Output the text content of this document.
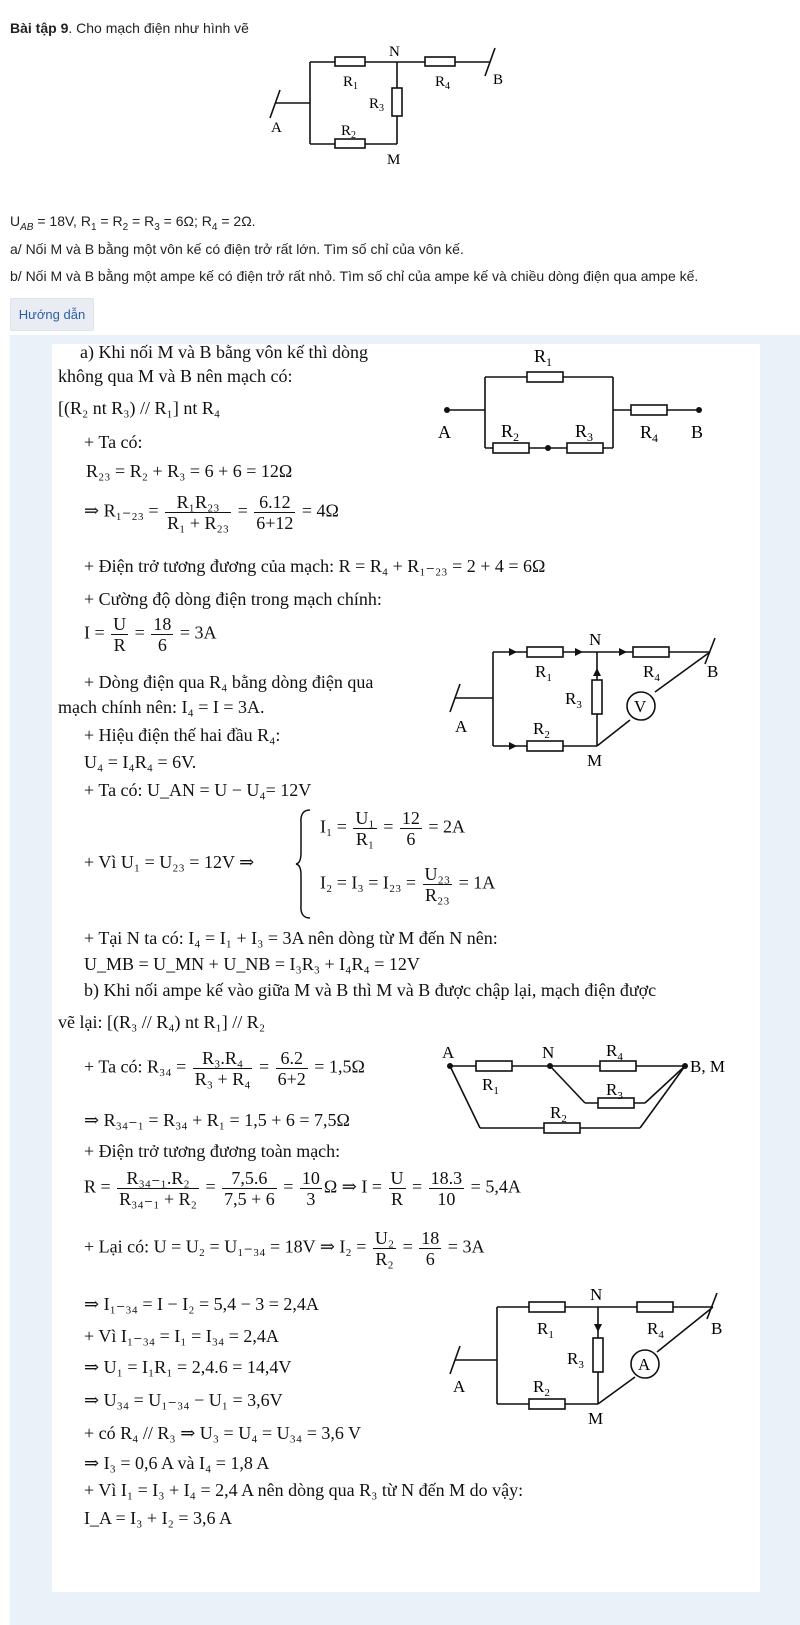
Bài tập 9. Cho mạch điện như hình vẽ
N
$R_1$	$R_4$	B
$R_3$
A	$R_2$
M
$U_{AB} = 18V$, $R_1 = R_2 = R_3 = 6\Omega$; $R_4 = 2\Omega$.
a/ Nối M và B bằng một vôn kế có điện trở rất lớn. Tìm số chỉ của vôn kế.
b/ Nối M và B bằng một ampe kế có điện trở rất nhỏ. Tìm số chỉ của ampe kế và chiều dòng điện qua ampe kế.
Hướng dẫn
a) Khi nối M và B bằng vôn kế thì dòng
không qua M và B nên mạch có:
[(R₂ nt R₃) // R₁] nt R₄
+ Ta có:
R₂₃ = R₂ + R₃ = 6 + 6 = 12Ω
⇒ $R_{1-23} = \frac{\text{R₁R₂₃}}{\text{R₁ + R₂₃}} = \frac{6.12}{6+12} = 4\Omega$
+ Điện trở tương đương của mạch: R = R₄ + R₁₋₂₃ = 2 + 4 = 6Ω
+ Cường độ dòng điện trong mạch chính:
$I = \frac{U}{R} = \frac{18}{6} = 3A$
+ Dòng điện qua R₄ bằng dòng điện qua
mạch chính nên: I₄ = I = 3A.
+ Hiệu điện thế hai đầu R₄:
U₄ = I₄R₄ = 6V.
+ Ta có: U_AN = U − U₄= 12V
+ Vì U₁ = U₂₃ = 12V ⇒
$I_1 = \frac{\text{U₁}}{\text{R₁}} = \frac{12}{6} = 2A$
$I_2 = I_3 = I_{23} = \frac{\text{U₂₃}}{\text{R₂₃}} = 1A$
+ Tại N ta có: I₄ = I₁ + I₃ = 3A nên dòng từ M đến N nên:
U_MB = U_MN + U_NB = I₃R₃ + I₄R₄ = 12V
b) Khi nối ampe kế vào giữa M và B thì M và B được chập lại, mạch điện được
vẽ lại: [(R₃ // R₄) nt R₁] // R₂
+ Ta có: $R_{34} = \frac{\text{R₃.R₄}}{\text{R₃ + R₄}} = \frac{6.2}{6+2} = 1,5\Omega$
⇒ R₃₄₋₁ = R₃₄ + R₁ = 1,5 + 6 = 7,5Ω
+ Điện trở tương đương toàn mạch:
$R = \frac{\text{R₃₄₋₁.R₂}}{\text{R₃₄₋₁ + R₂}} = \frac{7,5.6}{7,5 + 6} = \frac{10}{3}$ Ω ⇒ $I = \frac{U}{R} = \frac{18.3}{10} = 5,4A$
+ Lại có: U = U₂ = U₁₋₃₄ = 18V ⇒ $I_2 = \frac{\text{U₂}}{\text{R₂}} = \frac{18}{6} = 3A$
⇒ I₁₋₃₄ = I − I₂ = 5,4 − 3 = 2,4A
+ Vì I₁₋₃₄ = I₁ = I₃₄ = 2,4A
⇒ U₁ = I₁R₁ = 2,4.6 = 14,4V
⇒ U₃₄ = U₁₋₃₄ − U₁ = 3,6V
+ có R₄ // R₃ ⇒ U₃ = U₄ = U₃₄ = 3,6 V
⇒ I₃ = 0,6 A và I₄ = 1,8 A
+ Vì I₁ = I₃ + I₄ = 2,4 A nên dòng qua R₃ từ N đến M do vậy:
I_A = I₃ + I₂ = 3,6 A
$R_1$
A	$R_2$	$R_3$	$R_4$ B
N
$R_1$	$R_4$	B
$R_3$	V
A	$R_2$
M
A	N	$R_4$	B, M
$R_1$	$R_3$
$R_2$
N
$R_1$	$R_4$	B
$R_3$	A
A	$R_2$
M
